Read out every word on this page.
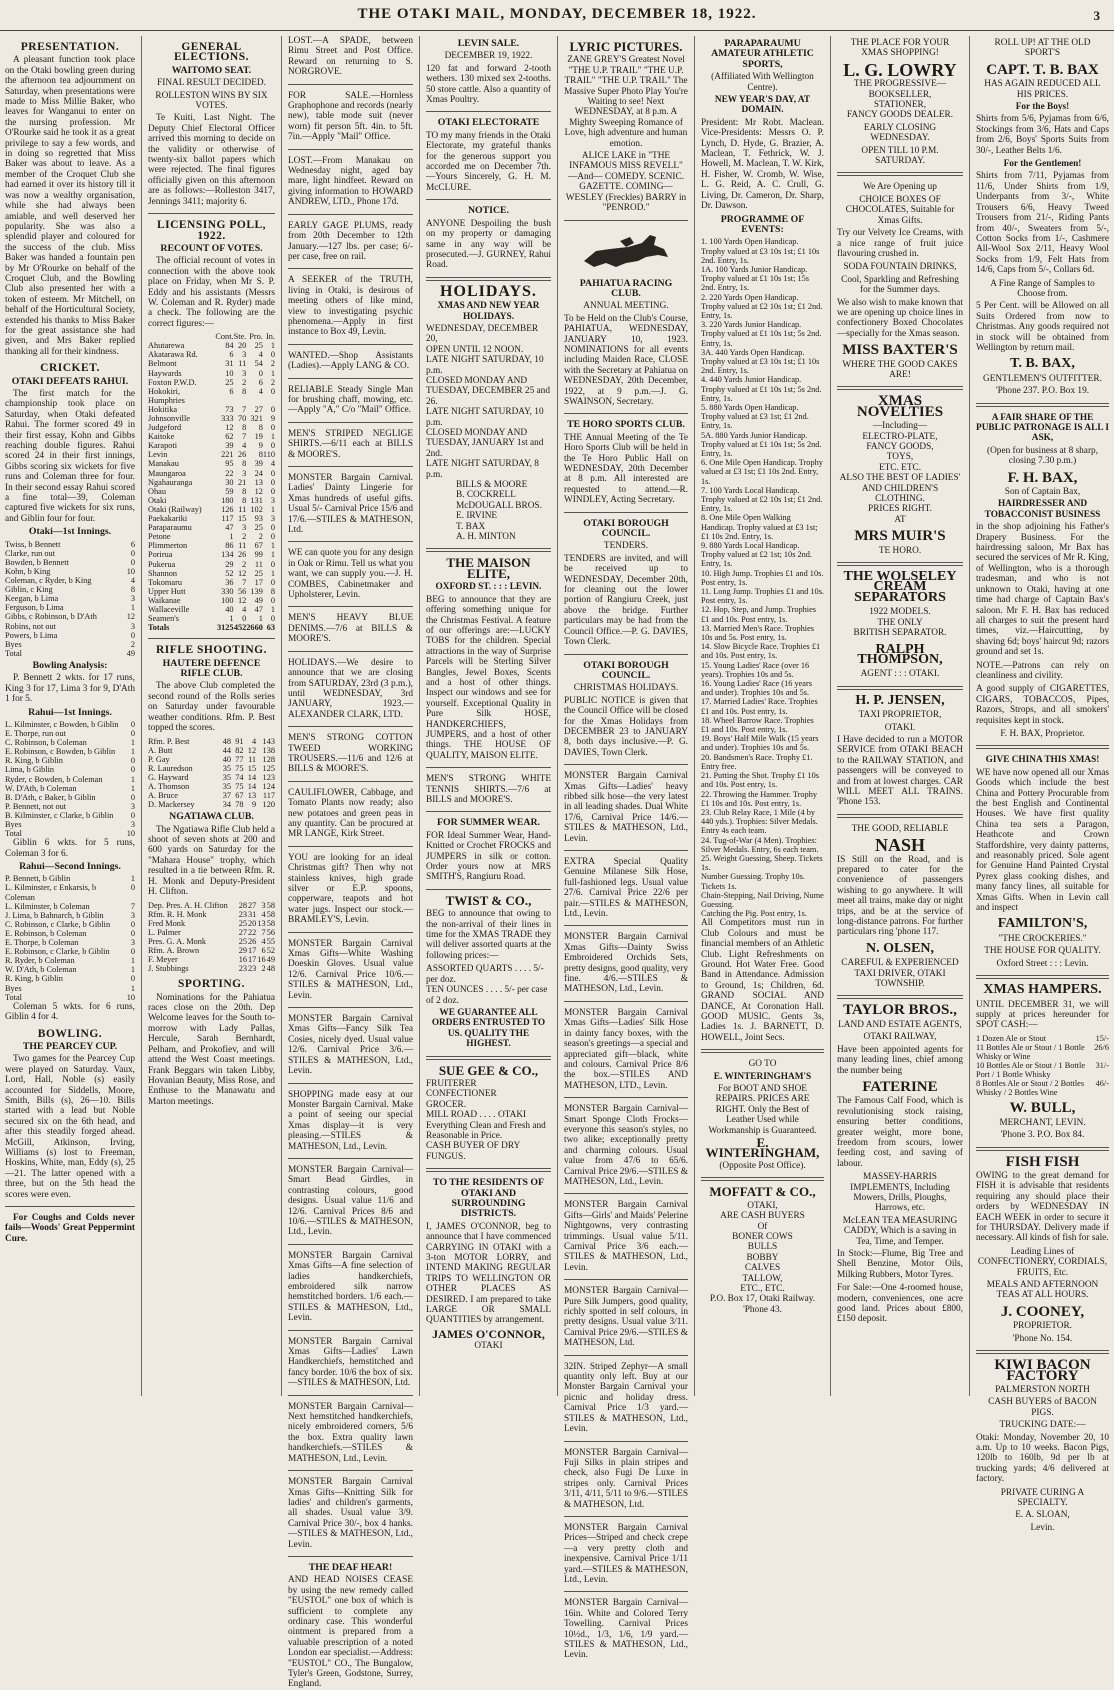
THE OTAKI MAIL, MONDAY, DECEMBER 18, 1922.	3
PRESENTATION.

A pleasant function took place on the Otaki bowling green during the afternoon tea adjournment on Saturday, when presentations were made to Miss Millie Baker, who leaves for Wanganui to enter on the nursing profession. Mr O'Rourke said he took it as a great privilege to say a few words, and in doing so regretted that Miss Baker was about to leave. As a member of the Croquet Club she had earned it over its history till it was now a wealthy organisation, while she had always been amiable, and well deserved her popularity. She was also a splendid player and coloured for the success of the club. Miss Baker was handed a fountain pen by Mr O'Rourke on behalf of the Croquet Club, and the Bowling Club also presented her with a token of esteem. Mr Mitchell, on behalf of the Horticultural Society, extended his thanks to Miss Baker for the great assistance she had given, and Mrs Baker replied thanking all for their kindness.

CRICKET.
OTAKI DEFEATS RAHUI.

The first match for the championship took place on Saturday, when Otaki defeated Rahui. The former scored 49 in their first essay, Kohn and Gibbs reaching double figures. Rahui scored 24 in their first innings, Gibbs scoring six wickets for five runs and Coleman three for four. In their second essay Rahui scored a fine total—39, Coleman captured five wickets for six runs, and Giblin four for four.

Otaki—1st Innings.
Twiss, b Bennett	6
Clarke, run out	0
Bowden, b Bennett	0
Kohn, b King	10
Coleman, c Ryder, b King	4
Giblin, c King	8
Keegan, b Lima	3
Ferguson, b Lima	1
Gibbs, c Robinson, b D'Ath	12
Robins, not out	3
Powers, b Lima	0
Byes	2
Total	49
Bowling Analysis:

P. Bennett 2 wkts. for 17 runs, King 3 for 17, Lima 3 for 9, D'Ath 1 for 5.

Rahui—1st Innings.
L. Kilminster, c Bowden, b Giblin	0
E. Thorpe, run out	0
C. Robinson, b Coleman	1
E. Robinson, c Bowden, b Giblin	1
R. King, b Giblin	0
Lima, b Giblin	0
Ryder, c Bowden, b Coleman	1
W. D'Ath, b Coleman	1
B. D'Ath, c Baker, b Giblin	0
P. Bennett, not out	3
B. Kilminster, c Clarke, b Giblin	0
Byes	3
Total	10

Giblin 6 wkts. for 5 runs, Coleman 3 for 6.

Rahui—Second Innings.
P. Bennett, b Giblin	1
L. Kilminster, c Enkarsis, b Coleman	0
L. Kilminster, b Coleman	7
J. Lima, b Bahnarch, b Giblin	3
C. Robinson, c Clarke, b Giblin	0
E. Robinson, b Coleman	0
E. Thorpe, b Coleman	3
E. Robinson, c Clarke, b Giblin	0
R. Ryder, b Coleman	1
W. D'Ath, b Coleman	1
R. King, b Giblin	0
Byes	1
Total	10

Coleman 5 wkts. for 6 runs, Giblin 4 for 4.

BOWLING.
THE PEARCEY CUP.

Two games for the Pearcey Cup were played on Saturday. Vaux, Lord, Hall, Noble (s) easily accounted for Siddells, Moore, Smith, Bills (s), 26—10. Bills started with a lead but Noble secured six on the 6th head, and after this steadily forged ahead. McGill, Atkinson, Irving, Williams (s) lost to Freeman, Hoskins, White, man, Eddy (s), 25—21. The latter opened with a three, but on the 5th head the scores were even.

For Coughs and Colds never fails—Woods' Great Peppermint Cure.

GENERAL ELECTIONS.
WAITOMO SEAT.
FINAL RESULT DECIDED.
ROLLESTON WINS BY SIX VOTES.

Te Kuiti, Last Night. The Deputy Chief Electoral Officer arrived this morning to decide on the validity or otherwise of twenty-six ballot papers which were rejected. The final figures officially given on this afternoon are as follows:—Rolleston 3417, Jennings 3411; majority 6.

LICENSING POLL, 1922.
RECOUNT OF VOTES.

The official recount of votes in connection with the above took place on Friday, when Mr S. P. Eddy and his assistants (Messrs W. Coleman and R. Ryder) made a check. The following are the correct figures:—

	Cont.	Ste.	Pro.	In.
Ahutarewa	84	20	25	1
Akatarawa Rd.	6	3	4	0
Belmont	31	11	54	2
Haywards	10	3	0	1
Foxton P.W.D.	25	2	6	2
Hokokiri, Humphries	6	8	4	0
Hokitika	73	7	27	0
Johnsonville	333	70	321	9
Judgeford	12	8	8	0
Kaitoke	62	7	19	1
Karapoti	39	4	9	0
Levin	221	26	8	110
Manakau	95	8	39	4
Maungaroa	22	3	24	0
Ngahauranga	30	21	13	0
Ohau	59	8	12	0
Otaki	180	8	131	3
Otaki (Railway)	126	11	102	1
Paekakariki	117	15	93	3
Paraparaumu	47	3	25	0
Petone	1	2	2	0
Plimmerton	86	11	67	1
Porirua	134	26	99	1
Pukerua	29	2	11	0
Shannon	52	12	25	1
Tokomaru	36	7	17	0
Upper Hutt	330	56	139	8
Waikanae	100	12	49	0
Wallaceville	40	4	47	1
Seamen's	1	0	1	0
Totals	3125	452	2660	63
RIFLE SHOOTING.
HAUTERE DEFENCE RIFLE CLUB.

The above Club completed the second round of the Rolls series on Saturday under favourable weather conditions. Rfm. P. Best topped the scores.

Rfm. P. Best	48	91	4	143
A. Butt	44	82	12	138
P. Gay	40	77	11	128
R. Lauredson	35	75	15	125
G. Hayward	35	74	14	123
A. Thomson	35	75	14	124
A. Bruce	37	67	13	117
D. Mackersey	34	78	9	120
NGATIAWA CLUB.

The Ngatiawa Rifle Club held a shoot of seven shots at 200 and 600 yards on Saturday for the "Mahara House" trophy, which resulted in a tie between Rfm. R. H. Monk and Deputy-President H. Clifton.

Dep. Pres. A. H. Clifton	28	27	3	58
Rfm. R. H. Monk	23	31	4	58
Fred Monk	25	20	13	58
L. Palmer	27	22	7	56
Pres. G. A. Monk	25	26	4	55
Rfm. A. Brown	29	17	6	52
F. Meyer	16	17	16	49
J. Stubbings	23	23	2	48
SPORTING.

Nominations for the Pahiatua races close on the 20th. Dep Welcome leaves for the South to-morrow with Lady Pallas, Hercule, Sarah Bernhardt, Pelham, and Prokofiev, and will attend the West Coast meetings. Frank Beggars win taken Libby, Hovanian Beauty, Miss Rose, and Enthuse to the Manawatu and Marton meetings.

LOST.—A SPADE, between Rimu Street and Post Office. Reward on returning to S. NORGROVE.

FOR SALE.—Hornless Graphophone and records (nearly new), table mode suit (never worn) fit person 5ft. 4in. to 5ft. 7in.—Apply "Mail" Office.

LOST.—From Manakau on Wednesday night, aged bay mare, light hindfeet. Reward on giving information to HOWARD ANDREW, LTD., Phone 17d.

EARLY GAGE PLUMS, ready from 20th December to 12th January.—127 lbs. per case; 6/- per case, free on rail.

A SEEKER of the TRUTH, living in Otaki, is desirous of meeting others of like mind, view to investigating psychic phenomena.—Apply in first instance to Box 49, Levin.

WANTED.—Shop Assistants (Ladies).—Apply LANG & CO.

RELIABLE Steady Single Man for brushing chaff, mowing, etc.—Apply "A," C/o "Mail" Office.

MEN'S STRIPED NEGLIGE SHIRTS.—6/11 each at BILLS & MOORE'S.

MONSTER Bargain Carnival. Ladies' Dainty Lingerie for Xmas hundreds of useful gifts. Usual 5/- Carnival Price 15/6 and 17/6.—STILES & MATHESON, Ltd.

WE can quote you for any design in Oak or Rimu. Tell us what you want, we can supply you.—J. H. COMBES, Cabinetmaker and Upholsterer, Levin.

MEN'S HEAVY BLUE DENIMS.—7/6 at BILLS & MOORE'S.

HOLIDAYS.—We desire to announce that we are closing from SATURDAY, 23rd (3 p.m.), until WEDNESDAY, 3rd JANUARY, 1923.—ALEXANDER CLARK, LTD.

MEN'S STRONG COTTON TWEED WORKING TROUSERS.—11/6 and 12/6 at BILLS & MOORE'S.

CAULIFLOWER, Cabbage, and Tomato Plants now ready; also new potatoes and green peas in any quantity. Can be procured at MR LANGE, Kirk Street.

YOU are looking for an ideal Christmas gift? Then why not stainless knives, high grade silver or E.P. spoons, copperware, teapots and hot water jugs. Inspect our stock.—BRAMLEY'S, Levin.

MONSTER Bargain Carnival Xmas Gifts—White Washing Doeskin Gloves. Usual value 12/6. Carnival Price 10/6.—STILES & MATHESON, Ltd., Levin.

MONSTER Bargain Carnival Xmas Gifts—Fancy Silk Tea Cosies, nicely dyed. Usual value 12/6. Carnival Price 3/6.—STILES & MATHESON, Ltd., Levin.

SHOPPING made easy at our Monster Bargain Carnival. Make a point of seeing our special Xmas display—it is very pleasing.—STILES & MATHESON, Ltd., Levin.

MONSTER Bargain Carnival—Smart Bead Girdles, in contrasting colours, good designs. Usual value 11/6 and 12/6. Carnival Prices 8/6 and 10/6.—STILES & MATHESON, Ltd., Levin.

MONSTER Bargain Carnival Xmas Gifts—A fine selection of ladies handkerchiefs, embroidered silk narrow hemstitched borders. 1/6 each.—STILES & MATHESON, Ltd., Levin.

MONSTER Bargain Carnival Xmas Gifts—Ladies' Lawn Handkerchiefs, hemstitched and fancy border. 10/6 the box of six.—STILES & MATHESON, Ltd.

MONSTER Bargain Carnival—Next hemstitched handkerchiefs, nicely embroidered corners, 5/6 the box. Extra quality lawn handkerchiefs.—STILES & MATHESON, Ltd., Levin.

MONSTER Bargain Carnival Xmas Gifts—Knitting Silk for ladies' and children's garments, all shades. Usual value 3/9. Carnival Price 30/-, box 4 hanks.—STILES & MATHESON, Ltd., Levin.

THE DEAF HEAR!

AND HEAD NOISES CEASE by using the new remedy called "EUSTOL" one box of which is sufficient to complete any ordinary case. This wonderful ointment is prepared from a valuable prescription of a noted London ear specialist.—Address: "EUSTOL" CO., The Bungalow, Tyler's Green, Godstone, Surrey, England.

LEVIN SALE.
DECEMBER 19, 1922.

120 fat and forward 2-tooth wethers. 130 mixed sex 2-tooths. 50 store cattle. Also a quantity of Xmas Poultry.

OTAKI ELECTORATE

TO my many friends in the Otaki Electorate, my grateful thanks for the generous support you accorded me on December 7th.—Yours Sincerely, G. H. M. McCLURE.

NOTICE.

ANYONE Despoiling the bush on my property or damaging same in any way will be prosecuted.—J. GURNEY, Rahui Road.

HOLIDAYS.
XMAS AND NEW YEAR HOLIDAYS.
WEDNESDAY, DECEMBER 20,
OPEN UNTIL 12 NOON.
LATE NIGHT SATURDAY, 10 p.m.
CLOSED MONDAY AND TUESDAY, DECEMBER 25 and 26.
LATE NIGHT SATURDAY, 10 p.m.
CLOSED MONDAY AND TUESDAY, JANUARY 1st and 2nd.
LATE NIGHT SATURDAY, 8 p.m.
BILLS & MOORE
B. COCKRELL
McDOUGALL BROS.
E. IRVINE
T. BAX
A. H. MINTON
THE MAISON ELITE,
OXFORD ST. : : : LEVIN.

BEG to announce that they are offering something unique for the Christmas Festival. A feature of our offerings are:—LUCKY TOBS for the children. Special attractions in the way of Surprise Parcels will be Sterling Silver Bangles, Jewel Boxes, Scents and a host of other things. Inspect our windows and see for yourself. Exceptional Quality in Pure Silk HOSE, HANDKERCHIEFS, JUMPERS, and a host of other things. THE HOUSE OF QUALITY, MAISON ELITE.

MEN'S STRONG WHITE TENNIS SHIRTS.—7/6 at BILLS and MOORE'S.

FOR SUMMER WEAR.

FOR Ideal Summer Wear, Hand-Knitted or Crochet FROCKS and JUMPERS in silk or cotton. Order yours now at MRS SMITH'S, Rangiuru Road.

TWIST & CO.,

BEG to announce that owing to the non-arrival of their lines in time for the XMAS TRADE they will deliver assorted quarts at the following prices:—

ASSORTED QUARTS . . . . 5/- per doz.
TEN OUNCES . . . . 5/- per case of 2 doz.
WE GUARANTEE ALL ORDERS ENTRUSTED TO US. QUALITY THE HIGHEST.
SUE GEE & CO.,
FRUITERER
CONFECTIONER
GROCER.
MILL ROAD . . . . OTAKI
Everything Clean and Fresh and Reasonable in Price.
CASH BUYER OF DRY FUNGUS.
TO THE RESIDENTS OF OTAKI AND SURROUNDING DISTRICTS.

I, JAMES O'CONNOR, beg to announce that I have commenced CARRYING IN OTAKI with a 3-ton MOTOR LORRY, and INTEND MAKING REGULAR TRIPS TO WELLINGTON OR OTHER PLACES AS DESIRED. I am prepared to take LARGE OR SMALL QUANTITIES by arrangement.

JAMES O'CONNOR,
OTAKI
LYRIC PICTURES.

ZANE GREY'S Greatest Novel "THE U.P. TRAIL" "THE U.P. TRAIL" "THE U.P. TRAIL" The Massive Super Photo Play You're Waiting to see! Next WEDNESDAY, at 8 p.m. A Mighty Sweeping Romance of Love, high adventure and human emotion.

ALICE LAKE in "THE INFAMOUS MISS REVELL" —And— COMEDY. SCENIC. GAZETTE. COMING— WESLEY (Freckles) BARRY in "PENROD."

PAHIATUA RACING CLUB.
ANNUAL MEETING.

To be Held on the Club's Course, PAHIATUA, WEDNESDAY, JANUARY 10, 1923. NOMINATIONS for all events including Maiden Race, CLOSE with the Secretary at Pahiatua on WEDNESDAY, 20th December, 1922, at 9 p.m.—J. G. SWAINSON, Secretary.

TE HORO SPORTS CLUB.

THE Annual Meeting of the Te Horo Sports Club will be held in the Te Horo Public Hall on WEDNESDAY, 20th December at 8 p.m. All interested are requested to attend.—R. WINDLEY, Acting Secretary.

OTAKI BOROUGH COUNCIL.
TENDERS.

TENDERS are invited, and will be received up to WEDNESDAY, December 20th, for cleaning out the lower portion of Rangiuru Creek, just above the bridge. Further particulars may be had from the Council Office.—P. G. DAVIES, Town Clerk.

OTAKI BOROUGH COUNCIL.
CHRISTMAS HOLIDAYS.

PUBLIC NOTICE is given that the Council Office will be closed for the Xmas Holidays from DECEMBER 23 to JANUARY 8, both days inclusive.—P. G. DAVIES, Town Clerk.

MONSTER Bargain Carnival Xmas Gifts—Ladies' heavy ribbed silk hose—the very latest in all leading shades. Dual White 17/6, Carnival Price 14/6.—STILES & MATHESON, Ltd., Levin.

EXTRA Special Quality Genuine Milanese Silk Hose, full-fashioned legs. Usual value 27/6. Carnival Price 22/6 per pair.—STILES & MATHESON, Ltd., Levin.

MONSTER Bargain Carnival Xmas Gifts—Dainty Swiss Embroidered Orchids Sets, pretty designs, good quality, very fine. 4/6.—STILES & MATHESON, Ltd., Levin.

MONSTER Bargain Carnival Xmas Gifts—Ladies' Silk Hose in dainty fancy boxes, with the season's greetings—a special and appreciated gift—black, white and colours. Carnival Price 8/6 the box.—STILES AND MATHESON, LTD., Levin.

MONSTER Bargain Carnival—Smart Sponge Cloth Frocks—everyone this season's styles, no two alike; exceptionally pretty and charming colours. Usual value from 47/6 to 65/6. Carnival Price 29/6.—STILES & MATHESON, Ltd., Levin.

MONSTER Bargain Carnival Gifts—Girls' and Maids' Pelerine Nightgowns, very contrasting trimmings. Usual value 5/11. Carnival Price 3/6 each.—STILES & MATHESON, Ltd., Levin.

MONSTER Bargain Carnival—Pure Silk Jumpers, good quality, richly spotted in self colours, in pretty designs. Usual value 3/11. Carnival Price 29/6.—STILES & MATHESON, Ltd.

32IN. Striped Zephyr—A small quantity only left. Buy at our Monster Bargain Carnival your picnic and holiday dress. Carnival Price 1/3 yard.—STILES & MATHESON, Ltd., Levin.

MONSTER Bargain Carnival—Fuji Silks in plain stripes and check, also Fugi De Luxe in stripes only. Carnival Prices 3/11, 4/11, 5/11 to 9/6.—STILES & MATHESON, Ltd.

MONSTER Bargain Carnival Prices—Striped and check crepe—a very pretty cloth and inexpensive. Carnival Price 1/11 yard.—STILES & MATHESON, Ltd., Levin.

MONSTER Bargain Carnival—16in. White and Colored Terry Towelling. Carnival Prices 10½d., 1/3, 1/6, 1/9 yard.—STILES & MATHESON, Ltd., Levin.

PARAPARAUMU AMATEUR ATHLETIC SPORTS,
(Affiliated With Wellington Centre).
NEW YEAR'S DAY, AT DOMAIN.

President: Mr Robt. Maclean. Vice-Presidents: Messrs O. P. Lynch, D. Hyde, G. Brazier, A. Maclean, T. Fethrick, W. J. Howell, M. Maclean, T. W. Kirk, H. Fisher, W. Cromb, W. Wise, L. G. Reid, A. C. Crull, G. Living, Dr. Cameron, Dr. Sharp, Dr. Dawson.

PROGRAMME OF EVENTS:
1. 100 Yards Open Handicap. Trophy valued at £3 10s 1st; £1 10s 2nd. Entry, 1s.
1A. 100 Yards Junior Handicap. Trophy valued at £1 10s 1st; 15s 2nd. Entry, 1s.
2. 220 Yards Open Handicap. Trophy valued at £2 10s 1st; £1 2nd. Entry, 1s.
3. 220 Yards Junior Handicap. Trophy valued at £1 10s 1st; 5s 2nd. Entry, 1s.
3A. 440 Yards Open Handicap. Trophy valued at £3 10s 1st; £1 10s 2nd. Entry, 1s.
4. 440 Yards Junior Handicap. Trophy valued at £1 10s 1st; 5s 2nd. Entry, 1s.
5. 880 Yards Open Handicap. Trophy valued at £3 1st; £1 2nd. Entry, 1s.
5A. 880 Yards Junior Handicap. Trophy valued at £1 10s 1st; 5s 2nd. Entry, 1s.
6. One Mile Open Handicap. Trophy valued at £3 1st; £1 10s 2nd. Entry, 1s.
7. 100 Yards Local Handicap. Trophy valued at £2 10s 1st; £1 2nd. Entry, 1s.
8. One Mile Open Walking Handicap. Trophy valued at £3 1st; £1 10s 2nd. Entry, 1s.
9. 880 Yards Local Handicap. Trophy valued at £2 1st; 10s 2nd. Entry, 1s.
10. High Jump. Trophies £1 and 10s. Post entry, 1s.
11. Long Jump. Trophies £1 and 10s. Post entry, 1s.
12. Hop, Step, and Jump. Trophies £1 and 10s. Post entry, 1s.
13. Married Men's Race. Trophies 10s and 5s. Post entry, 1s.
14. Slow Bicycle Race. Trophies £1 and 10s. Post entry, 1s.
15. Young Ladies' Race (over 16 years). Trophies 10s and 5s.
16. Young Ladies' Race (16 years and under). Trophies 10s and 5s.
17. Married Ladies' Race. Trophies £1 and 10s. Post entry, 1s.
18. Wheel Barrow Race. Trophies £1 and 10s. Post entry, 1s.
19. Boys' Half Mile Walk (15 years and under). Trophies 10s and 5s.
20. Bandsmen's Race. Trophy £1. Entry free.
21. Putting the Shot. Trophy £1 10s and 10s. Post entry, 1s.
22. Throwing the Hammer. Trophy £1 10s and 10s. Post entry, 1s.
23. Club Relay Race, 1 Mile (4 by 440 yds.). Trophies: Silver Medals. Entry 4s each team.
24. Tug-of-War (4 Men). Trophies: Silver Medals. Entry, 6s each team.
25. Weight Guessing, Sheep. Tickets 1s.
Number Guessing. Trophy 10s. Tickets 1s.
Chain-Stepping, Nail Driving, Nume Guessing.
Catching the Pig. Post entry, 1s.

All Competitors must run in Club Colours and must be financial members of an Athletic Club. Light Refreshments on Ground. Hot Water Free. Good Band in Attendance. Admission to Ground, 1s; Children, 6d. GRAND SOCIAL AND DANCE, At Coronation Hall. GOOD MUSIC. Gents 3s, Ladies 1s. J. BARNETT, D. HOWELL, Joint Secs.

GO TO
E. WINTERINGHAM'S

For BOOT AND SHOE REPAIRS. PRICES ARE RIGHT. Only the Best of Leather Used while Workmanship is Guaranteed.

E. WINTERINGHAM,
(Opposite Post Office).
MOFFATT & CO.,
OTAKI,
ARE CASH BUYERS
Of
BONER COWS
BULLS
BOBBY
CALVES
TALLOW,
ETC., ETC.
P.O. Box 17, Otaki Railway. 'Phone 43.
THE PLACE FOR YOUR XMAS SHOPPING!
L. G. LOWRY
THE PROGRESSIVE—
BOOKSELLER,
STATIONER,
FANCY GOODS DEALER.
EARLY CLOSING WEDNESDAY.
OPEN TILL 10 P.M. SATURDAY.
We Are Opening up

CHOICE BOXES OF CHOCOLATES, Suitable for Xmas Gifts.

Try our Velvety Ice Creams, with a nice range of fruit juice flavouring crushed in.

SODA FOUNTAIN DRINKS,

Cool, Sparkling and Refreshing for the Summer days.

We also wish to make known that we are opening up choice lines in confectionery Boxed Chocolates—specially for the Xmas season.

MISS BAXTER'S
WHERE THE GOOD CAKES ARE!
XMAS NOVELTIES
—Including—
ELECTRO-PLATE,
FANCY GOODS,
TOYS,
ETC. ETC.
ALSO THE BEST OF LADIES' AND CHILDREN'S CLOTHING.
PRICES RIGHT.
AT
MRS MUIR'S
TE HORO.
THE WOLSELEY CREAM SEPARATORS
1922 MODELS.
THE ONLY
BRITISH SEPARATOR.
RALPH THOMPSON,
AGENT : : : OTAKI.
H. P. JENSEN,
TAXI PROPRIETOR,
OTAKI.

I Have decided to run a MOTOR SERVICE from OTAKI BEACH to the RAILWAY STATION, and passengers will be conveyed to and from at lowest charges. CAR WILL MEET ALL TRAINS. 'Phone 153.

THE GOOD, RELIABLE
NASH

IS Still on the Road, and is prepared to cater for the convenience of passengers wishing to go anywhere. It will meet all trains, make day or night trips, and be at the service of long-distance patrons. For further particulars ring 'phone 117.

N. OLSEN,
CAREFUL & EXPERIENCED TAXI DRIVER, OTAKI TOWNSHIP.
TAYLOR BROS.,
LAND AND ESTATE AGENTS,
OTAKI RAILWAY,

Have been appointed agents for many leading lines, chief among the number being

FATERINE

The Famous Calf Food, which is revolutionising stock raising, ensuring better conditions, greater weight, more bone, freedom from scours, lower feeding cost, and saving of labour.

MASSEY-HARRIS IMPLEMENTS, Including Mowers, Drills, Ploughs, Harrows, etc.

McLEAN TEA MEASURING CADDY, Which is a saving in Tea, Time, and Temper.

In Stock:—Flume, Big Tree and Shell Benzine, Motor Oils, Milking Rubbers, Motor Tyres.

For Sale:—One 4-roomed house, modern, conveniences, one acre good land. Prices about £800, £150 deposit.

ROLL UP! AT THE OLD SPORT'S
CAPT. T. B. BAX
HAS AGAIN REDUCED ALL HIS PRICES.
For the Boys!

Shirts from 5/6, Pyjamas from 6/6, Stockings from 3/6, Hats and Caps from 2/6, Boys' Sports Suits from 30/-, Leather Belts 1/6.

For the Gentlemen!

Shirts from 7/11, Pyjamas from 11/6, Under Shirts from 1/9, Underpants from 3/-, White Trousers 6/6, Heavy Tweed Trousers from 21/-, Riding Pants from 40/-, Sweaters from 5/-, Cotton Socks from 1/-, Cashmere All-Wool Sox 2/11, Heavy Wool Socks from 1/9, Felt Hats from 14/6, Caps from 5/-, Collars 6d.

A Fine Range of Samples to Choose from.

5 Per Cent. will be Allowed on all Suits Ordered from now to Christmas. Any goods required not in stock will be obtained from Wellington by return mail.

T. B. BAX,
GENTLEMEN'S OUTFITTER.
'Phone 237. P.O. Box 19.
A FAIR SHARE OF THE PUBLIC PATRONAGE IS ALL I ASK,
(Open for business at 8 sharp, closing 7.30 p.m.)
F. H. BAX,
Son of Captain Bax,
HAIRDRESSER AND TOBACCONIST BUSINESS

in the shop adjoining his Father's Drapery Business. For the hairdressing saloon, Mr Bax has secured the services of Mr R. King, of Wellington, who is a thorough tradesman, and who is not unknown to Otaki, having at one time had charge of Captain Bax's saloon. Mr F. H. Bax has reduced all charges to suit the present hard times, viz.—Haircutting, by shaving 6d; boys' haircut 9d; razors ground and set 1s.

NOTE.—Patrons can rely on cleanliness and civility.

A good supply of CIGARETTES, CIGARS, TOBACCOS, Pipes, Razors, Strops, and all smokers' requisites kept in stock.

F. H. BAX, Proprietor.
GIVE CHINA THIS XMAS!

WE have now opened all our Xmas Goods which include the best China and Pottery Procurable from the best English and Continental Houses. We have first quality China tea sets a Paragon, Heathcote and Crown Staffordshire, very dainty patterns, and reasonably priced. Sole agent for Genuine Hand Painted Crystal Pyrex glass cooking dishes, and many fancy lines, all suitable for Xmas Gifts. When in Levin call and inspect

FAMILTON'S,
"THE CROCKERIES."
THE HOUSE FOR QUALITY.
Oxford Street : : : Levin.
XMAS HAMPERS.

UNTIL DECEMBER 31, we will supply at prices hereunder for SPOT CASH:—

1 Dozen Ale or Stout	15/-
11 Bottles Ale or Stout / 1 Bottle Whisky or Wine	26/6
10 Bottles Ale or Stout / 1 Bottle Port / 1 Bottle Whisky	31/-
8 Bottles Ale or Stout / 2 Bottles Whisky / 2 Bottles Wine	46/-
W. BULL,
MERCHANT, LEVIN.
'Phone 3. P.O. Box 84.
FISH FISH

OWING to the great demand for FISH it is advisable that residents requiring any should place their orders by WEDNESDAY IN EACH WEEK in order to secure it for THURSDAY. Delivery made if necessary. All kinds of fish for sale.

Leading Lines of CONFECTIONERY, CORDIALS, FRUITS, Etc.

MEALS AND AFTERNOON TEAS AT ALL HOURS.
J. COONEY,
PROPRIETOR.
'Phone No. 154.
KIWI BACON FACTORY
PALMERSTON NORTH
CASH BUYERS of BACON PIGS.
TRUCKING DATE:—

Otaki: Monday, November 20, 10 a.m. Up to 10 weeks. Bacon Pigs, 120lb to 160lb, 9d per lb at trucking yards; 4/6 delivered at factory.

PRIVATE CURING A SPECIALTY.
E. A. SLOAN,
Levin.
